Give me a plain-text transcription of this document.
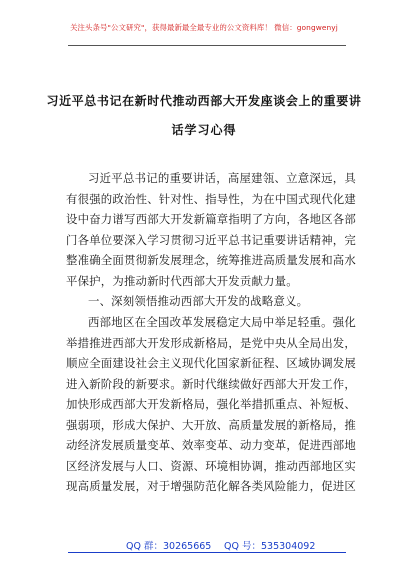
关注头条号"公文研究"，获得最新最全最专业的公文资料库！ 微信：gongwenyj
习近平总书记在新时代推动西部大开发座谈会上的重要讲
话学习心得
习近平总书记的重要讲话，高屋建瓴、立意深远，具
有很强的政治性、针对性、指导性，为在中国式现代化建
设中奋力谱写西部大开发新篇章指明了方向，各地区各部
门各单位要深入学习贯彻习近平总书记重要讲话精神，完
整准确全面贯彻新发展理念，统筹推进高质量发展和高水
平保护，为推动新时代西部大开发贡献力量。
一、深刻领悟推动西部大开发的战略意义。
西部地区在全国改革发展稳定大局中举足轻重。强化
举措推进西部大开发形成新格局，是党中央从全局出发，
顺应全面建设社会主义现代化国家新征程、区域协调发展
进入新阶段的新要求。新时代继续做好西部大开发工作，
加快形成西部大开发新格局，强化举措抓重点、补短板、
强弱项，形成大保护、大开放、高质量发展的新格局，推
动经济发展质量变革、效率变革、动力变革，促进西部地
区经济发展与人口、资源、环境相协调，推动西部地区实
现高质量发展，对于增强防范化解各类风险能力，促进区
QQ 群：30265665 QQ 号：535304092
